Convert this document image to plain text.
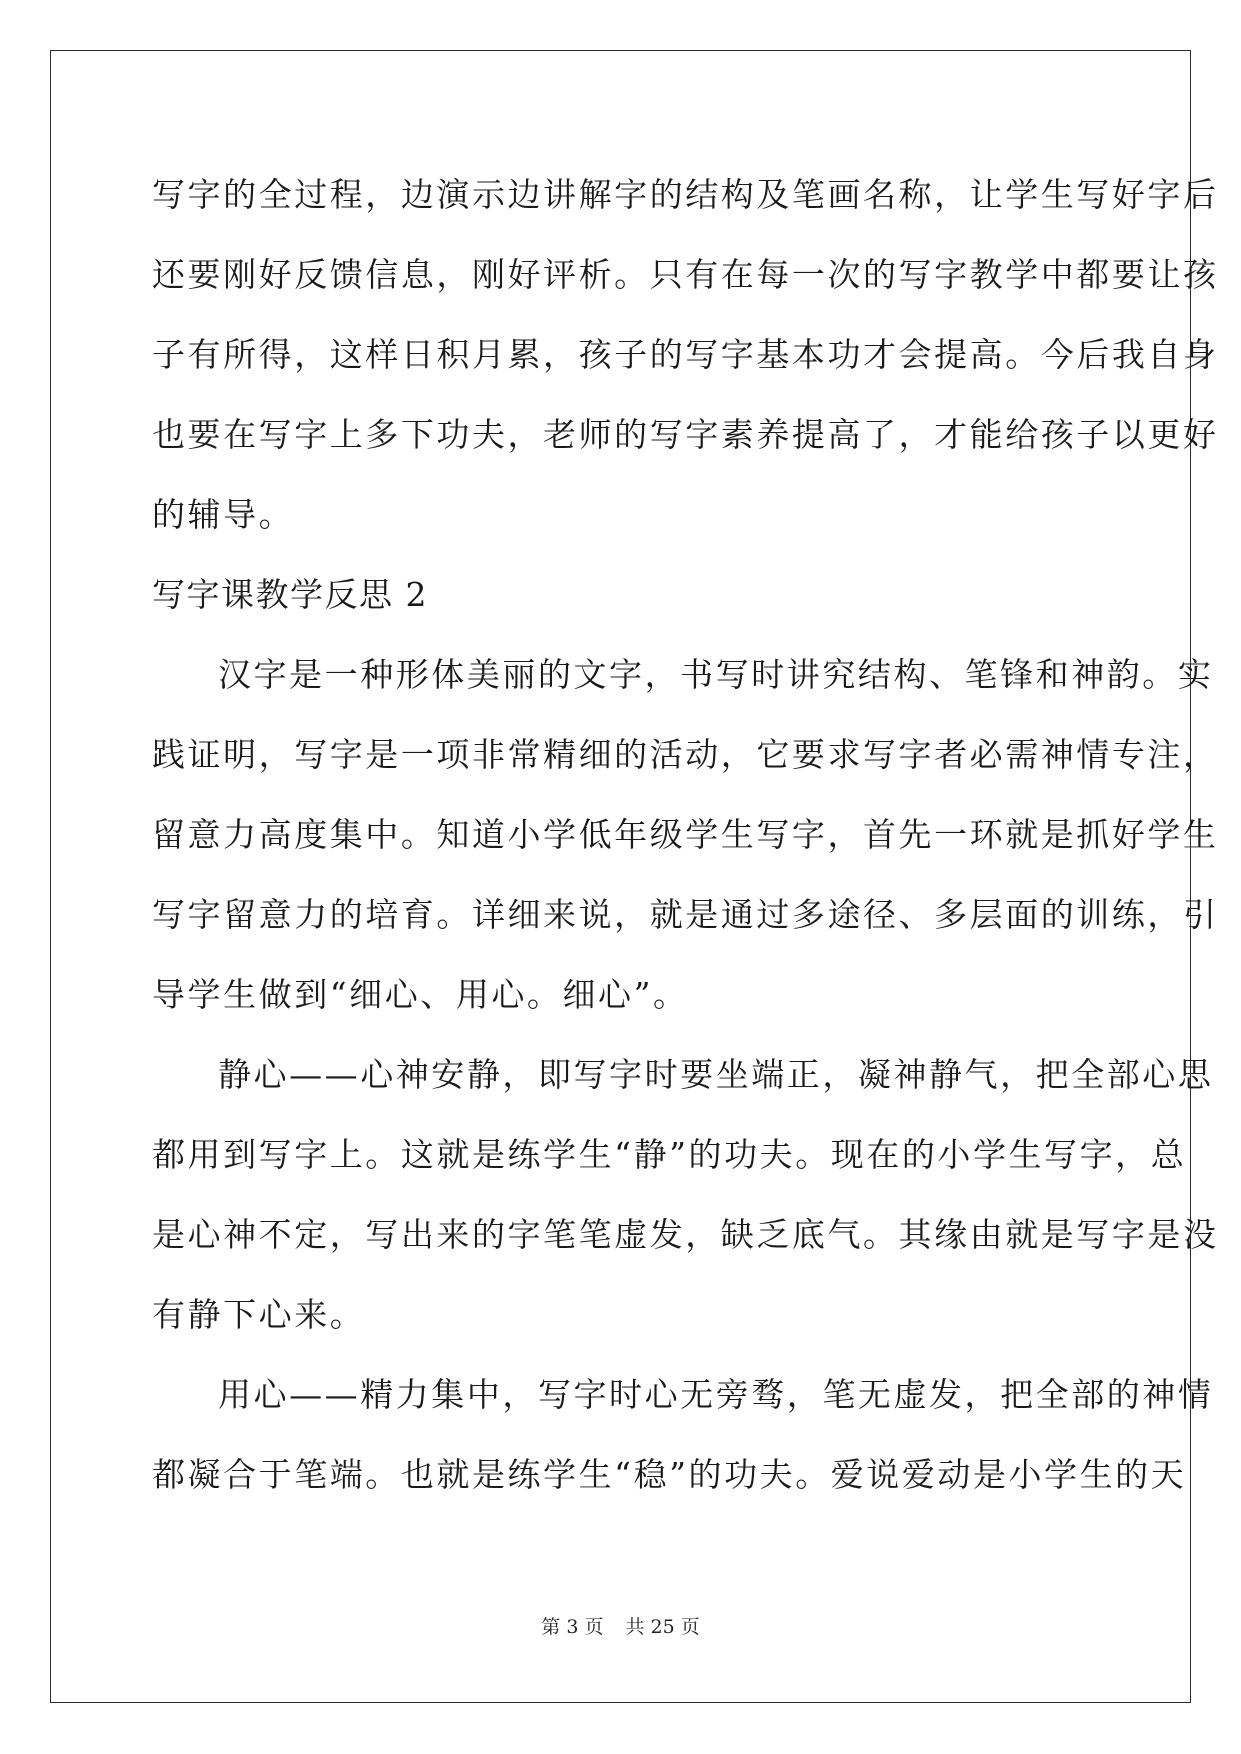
写字的全过程，边演示边讲解字的结构及笔画名称，让学生写好字后
还要刚好反馈信息，刚好评析。只有在每一次的写字教学中都要让孩
子有所得，这样日积月累，孩子的写字基本功才会提高。今后我自身
也要在写字上多下功夫，老师的写字素养提高了，才能给孩子以更好
的辅导。
写字课教学反思 2
汉字是一种形体美丽的文字，书写时讲究结构、笔锋和神韵。实
践证明，写字是一项非常精细的活动，它要求写字者必需神情专注，
留意力高度集中。知道小学低年级学生写字，首先一环就是抓好学生
写字留意力的培育。详细来说，就是通过多途径、多层面的训练，引
导学生做到“细心、用心。细心”。
静心——心神安静，即写字时要坐端正，凝神静气，把全部心思
都用到写字上。这就是练学生“静”的功夫。现在的小学生写字，总
是心神不定，写出来的字笔笔虚发，缺乏底气。其缘由就是写字是没
有静下心来。
用心——精力集中，写字时心无旁骛，笔无虚发，把全部的神情
都凝合于笔端。也就是练学生“稳”的功夫。爱说爱动是小学生的天
第 3 页 共 25 页
